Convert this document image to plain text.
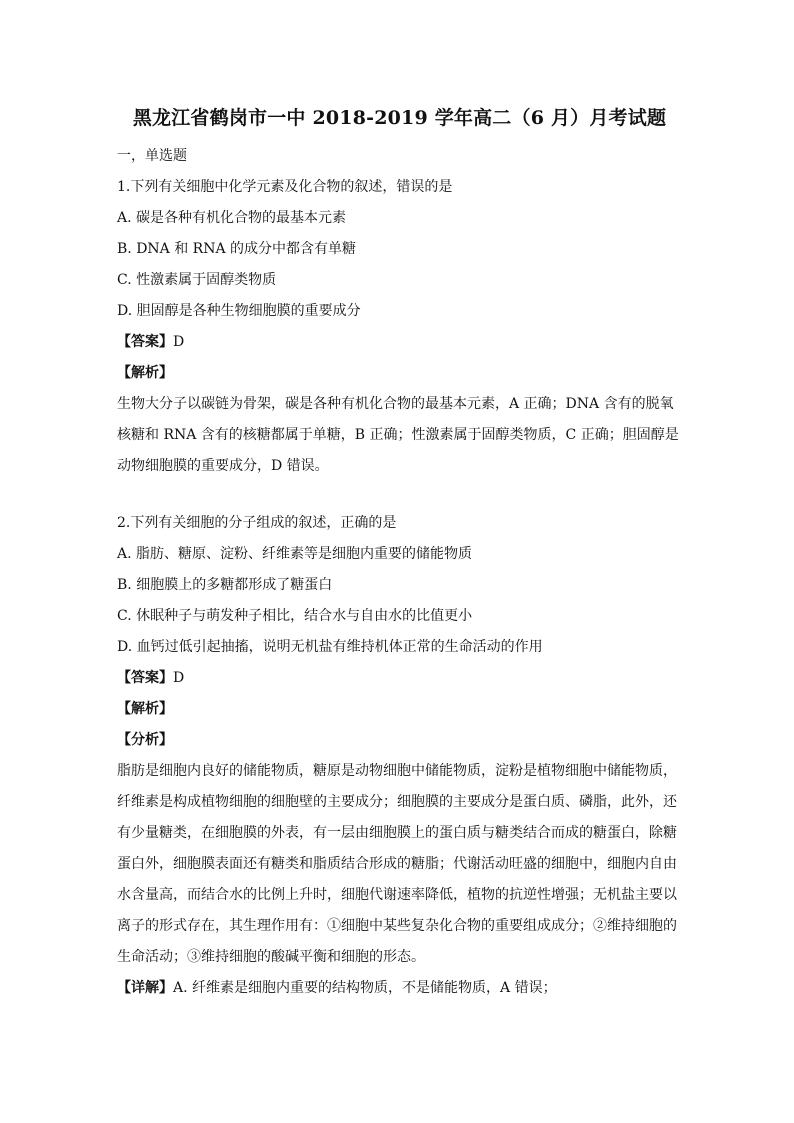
黑龙江省鹤岗市一中 2018-2019 学年高二（6 月）月考试题
一，单选题
1.下列有关细胞中化学元素及化合物的叙述，错误的是
A. 碳是各种有机化合物的最基本元素
B. DNA 和 RNA 的成分中都含有单糖
C. 性激素属于固醇类物质
D. 胆固醇是各种生物细胞膜的重要成分
【答案】D
【解析】
生物大分子以碳链为骨架，碳是各种有机化合物的最基本元素，A 正确；DNA 含有的脱氧
核糖和 RNA 含有的核糖都属于单糖，B 正确；性激素属于固醇类物质，C 正确；胆固醇是
动物细胞膜的重要成分，D 错误。
2.下列有关细胞的分子组成的叙述，正确的是
A. 脂肪、糖原、淀粉、纤维素等是细胞内重要的储能物质
B. 细胞膜上的多糖都形成了糖蛋白
C. 休眠种子与萌发种子相比，结合水与自由水的比值更小
D. 血钙过低引起抽搐，说明无机盐有维持机体正常的生命活动的作用
【答案】D
【解析】
【分析】
脂肪是细胞内良好的储能物质，糖原是动物细胞中储能物质，淀粉是植物细胞中储能物质，
纤维素是构成植物细胞的细胞壁的主要成分；细胞膜的主要成分是蛋白质、磷脂，此外，还
有少量糖类，在细胞膜的外表，有一层由细胞膜上的蛋白质与糖类结合而成的糖蛋白，除糖
蛋白外，细胞膜表面还有糖类和脂质结合形成的糖脂；代谢活动旺盛的细胞中，细胞内自由
水含量高，而结合水的比例上升时，细胞代谢速率降低，植物的抗逆性增强；无机盐主要以
离子的形式存在，其生理作用有：①细胞中某些复杂化合物的重要组成成分；②维持细胞的
生命活动；③维持细胞的酸碱平衡和细胞的形态。
【详解】A. 纤维素是细胞内重要的结构物质，不是储能物质，A 错误；
